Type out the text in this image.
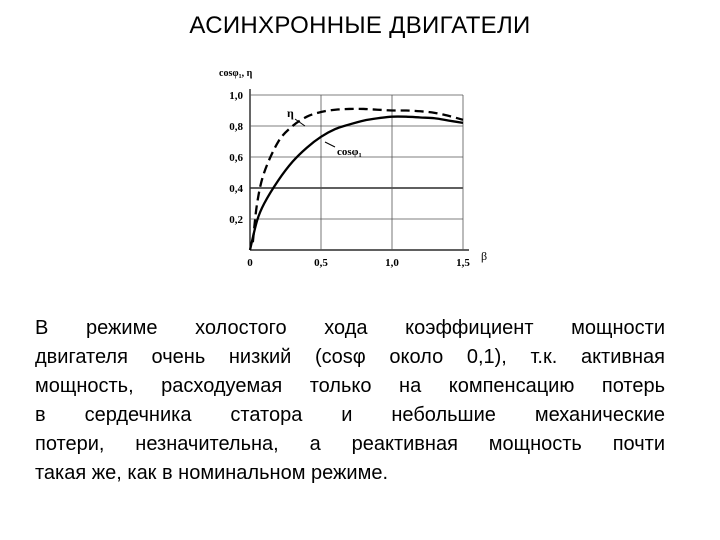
АСИНХРОННЫЕ ДВИГАТЕЛИ
cosφ₁, η
β
η
cosφ₁
1,0
0,8
0,6
0,4
0,2
0	0,5	1,0	1,5
В режиме холостого хода коэффициент мощности
двигателя очень низкий (cosφ около 0,1), т.к. активная
мощность, расходуемая только на компенсацию потерь
в сердечника статора и небольшие механические
потери, незначительна, а реактивная мощность почти
такая же, как в номинальном режиме.
